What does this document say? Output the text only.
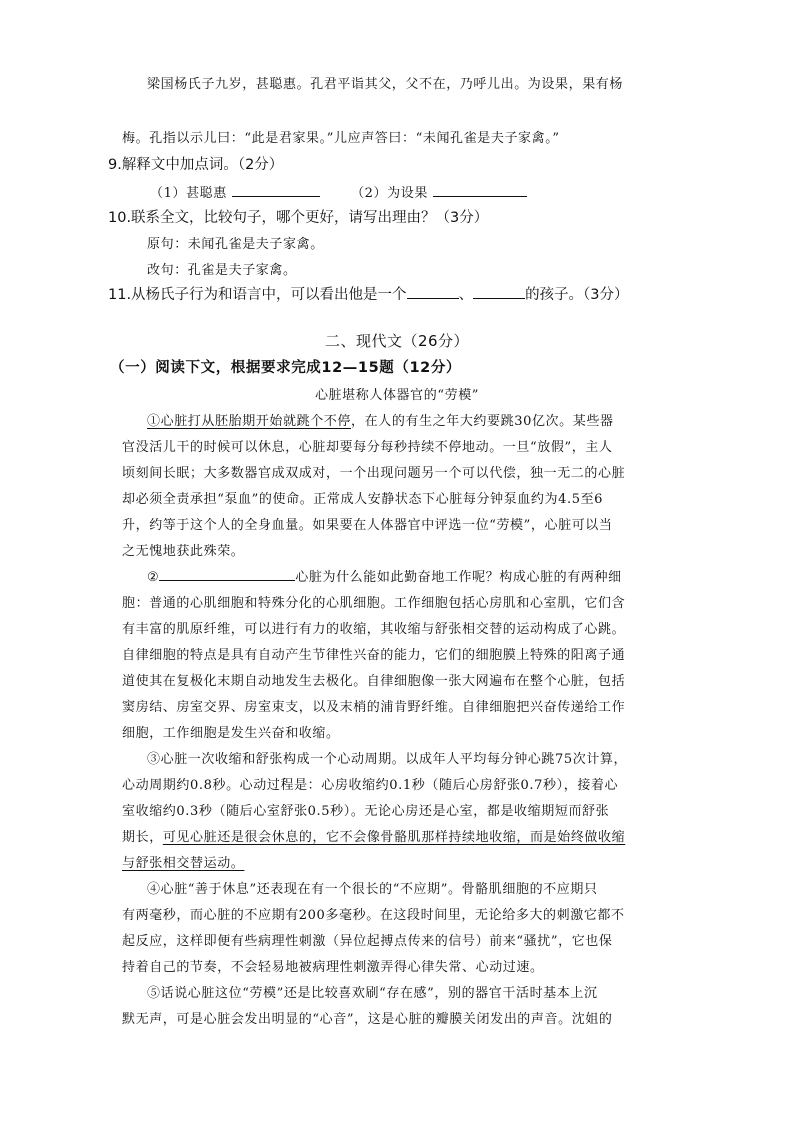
梁国杨氏子九岁，甚聪惠。孔君平诣其父，父不在，乃呼儿出。为设果，果有杨
梅。孔指以示儿曰：“此是君家果。”儿应声答曰：“未闻孔雀是夫子家禽。”
9.解释文中加点词。（2分）
（1）甚聪惠	（2）为设果
10.联系全文，比较句子，哪个更好，请写出理由？（3分）
原句：未闻孔雀是夫子家禽。
改句：孔雀是夫子家禽。
11.从杨氏子行为和语言中，可以看出他是一个	、	的孩子。（3分）
二、现代文（26分）
（一）阅读下文，根据要求完成12—15题（12分）
心脏堪称人体器官的“劳模”
①心脏打从胚胎期开始就跳个不停，在人的有生之年大约要跳30亿次。某些器
官没活儿干的时候可以休息，心脏却要每分每秒持续不停地动。一旦“放假”，主人
顷刻间长眠；大多数器官成双成对，一个出现问题另一个可以代偿，独一无二的心脏
却必须全责承担“泵血”的使命。正常成人安静状态下心脏每分钟泵血约为4.5至6
升，约等于这个人的全身血量。如果要在人体器官中评选一位“劳模”，心脏可以当
之无愧地获此殊荣。
②	心脏为什么能如此勤奋地工作呢？构成心脏的有两种细
胞：普通的心肌细胞和特殊分化的心肌细胞。工作细胞包括心房肌和心室肌，它们含
有丰富的肌原纤维，可以进行有力的收缩，其收缩与舒张相交替的运动构成了心跳。
自律细胞的特点是具有自动产生节律性兴奋的能力，它们的细胞膜上特殊的阳离子通
道使其在复极化末期自动地发生去极化。自律细胞像一张大网遍布在整个心脏，包括
窦房结、房室交界、房室束支，以及末梢的浦肯野纤维。自律细胞把兴奋传递给工作
细胞，工作细胞是发生兴奋和收缩。
③心脏一次收缩和舒张构成一个心动周期。以成年人平均每分钟心跳75次计算，
心动周期约0.8秒。心动过程是：心房收缩约0.1秒（随后心房舒张0.7秒），接着心
室收缩约0.3秒（随后心室舒张0.5秒）。无论心房还是心室，都是收缩期短而舒张
期长，可见心脏还是很会休息的，它不会像骨骼肌那样持续地收缩，而是始终做收缩
与舒张相交替运动。
④心脏“善于休息”还表现在有一个很长的“不应期”。骨骼肌细胞的不应期只
有两毫秒，而心脏的不应期有200多毫秒。在这段时间里，无论给多大的刺激它都不
起反应，这样即便有些病理性刺激（异位起搏点传来的信号）前来“骚扰”，它也保
持着自己的节奏，不会轻易地被病理性刺激弄得心律失常、心动过速。
⑤话说心脏这位“劳模”还是比较喜欢刷“存在感”，别的器官干活时基本上沉
默无声，可是心脏会发出明显的“心音”，这是心脏的瓣膜关闭发出的声音。沈姐的
